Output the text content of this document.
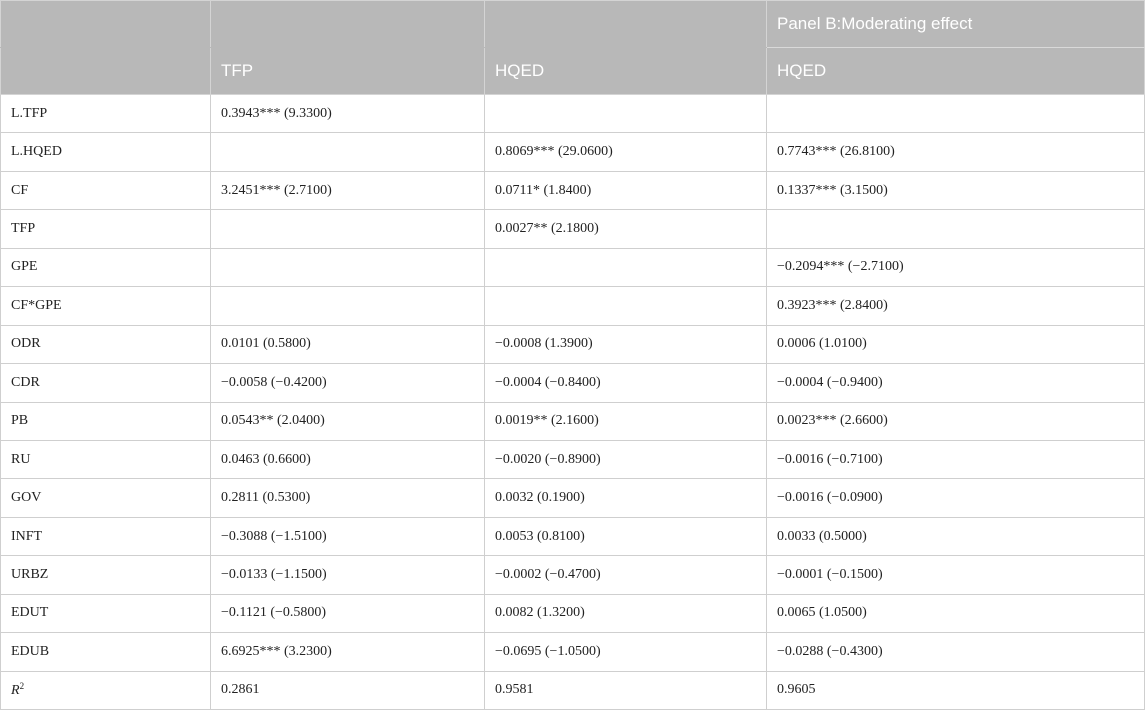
			Panel B:Moderating effect
	TFP	HQED	HQED
L.TFP	0.3943*** (9.3300)		
L.HQED		0.8069*** (29.0600)	0.7743*** (26.8100)
CF	3.2451*** (2.7100)	0.0711* (1.8400)	0.1337*** (3.1500)
TFP		0.0027** (2.1800)	
GPE			−0.2094*** (−2.7100)
CF*GPE			0.3923*** (2.8400)
ODR	0.0101 (0.5800)	−0.0008 (1.3900)	0.0006 (1.0100)
CDR	−0.0058 (−0.4200)	−0.0004 (−0.8400)	−0.0004 (−0.9400)
PB	0.0543** (2.0400)	0.0019** (2.1600)	0.0023*** (2.6600)
RU	0.0463 (0.6600)	−0.0020 (−0.8900)	−0.0016 (−0.7100)
GOV	0.2811 (0.5300)	0.0032 (0.1900)	−0.0016 (−0.0900)
INFT	−0.3088 (−1.5100)	0.0053 (0.8100)	0.0033 (0.5000)
URBZ	−0.0133 (−1.1500)	−0.0002 (−0.4700)	−0.0001 (−0.1500)
EDUT	−0.1121 (−0.5800)	0.0082 (1.3200)	0.0065 (1.0500)
EDUB	6.6925*** (3.2300)	−0.0695 (−1.0500)	−0.0288 (−0.4300)
$R^2$	0.2861	0.9581	0.9605
